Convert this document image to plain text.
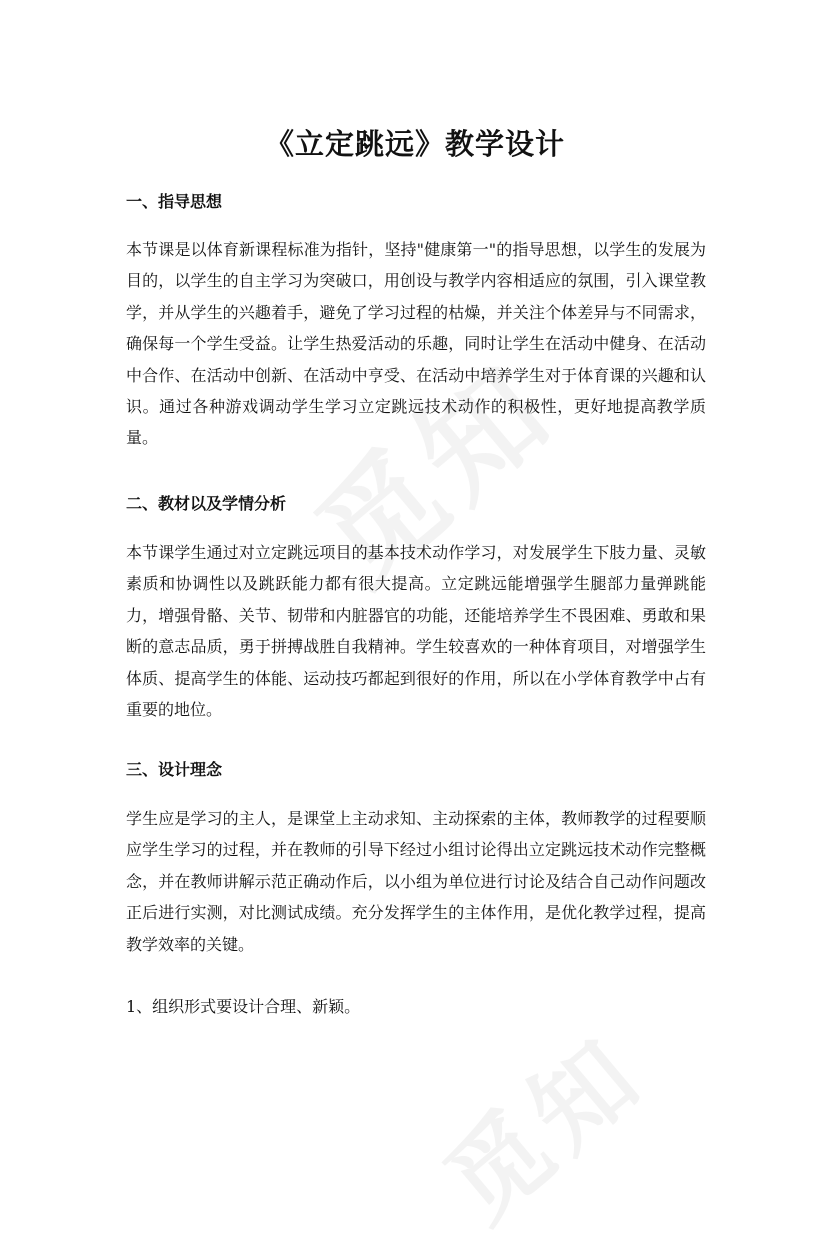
《立定跳远》教学设计
一、指导思想

本节课是以体育新课程标准为指针，坚持"健康第一"的指导思想，以学生的发展为目的，以学生的自主学习为突破口，用创设与教学内容相适应的氛围，引入课堂教学，并从学生的兴趣着手，避免了学习过程的枯燥，并关注个体差异与不同需求，确保每一个学生受益。让学生热爱活动的乐趣，同时让学生在活动中健身、在活动中合作、在活动中创新、在活动中亨受、在活动中培养学生对于体育课的兴趣和认识。通过各种游戏调动学生学习立定跳远技术动作的积极性，更好地提高教学质量。

二、教材以及学情分析

本节课学生通过对立定跳远项目的基本技术动作学习，对发展学生下肢力量、灵敏素质和协调性以及跳跃能力都有很大提高。立定跳远能增强学生腿部力量弹跳能力，增强骨骼、关节、韧带和内脏器官的功能，还能培养学生不畏困难、勇敢和果断的意志品质，勇于拼搏战胜自我精神。学生较喜欢的一种体育项目，对增强学生体质、提高学生的体能、运动技巧都起到很好的作用，所以在小学体育教学中占有重要的地位。

三、设计理念

学生应是学习的主人，是课堂上主动求知、主动探索的主体，教师教学的过程要顺应学生学习的过程，并在教师的引导下经过小组讨论得出立定跳远技术动作完整概念，并在教师讲解示范正确动作后，以小组为单位进行讨论及结合自己动作问题改正后进行实测，对比测试成绩。充分发挥学生的主体作用，是优化教学过程，提高教学效率的关键。

1、组织形式要设计合理、新颖。
